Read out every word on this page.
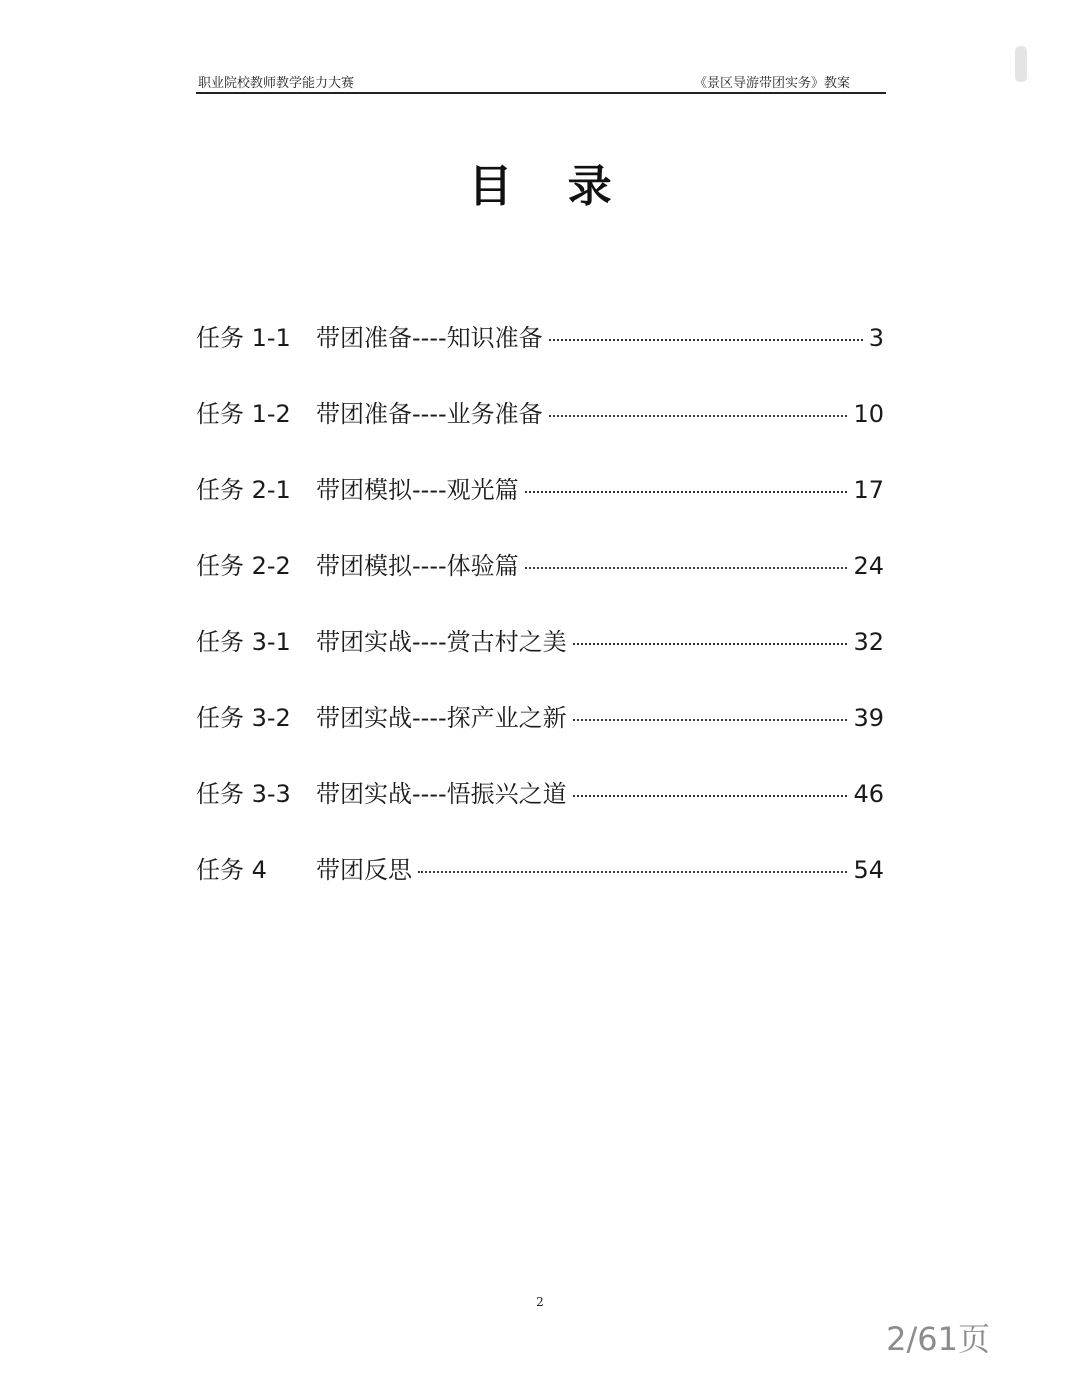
职业院校教师教学能力大赛	《景区导游带团实务》教案
目 录
任务 1-1	带团准备----知识准备	3
任务 1-2	带团准备----业务准备	10
任务 2-1	带团模拟----观光篇	17
任务 2-2	带团模拟----体验篇	24
任务 3-1	带团实战----赏古村之美	32
任务 3-2	带团实战----探产业之新	39
任务 3-3	带团实战----悟振兴之道	46
任务 4	带团反思	54
2
2/61页
